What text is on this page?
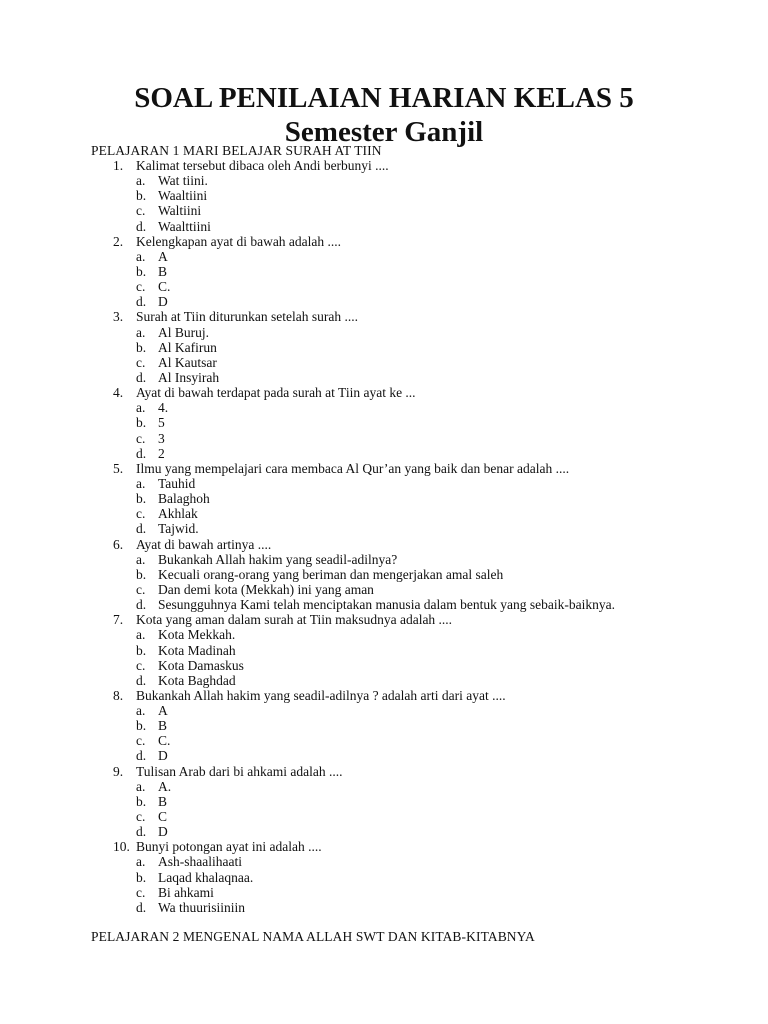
SOAL PENILAIAN HARIAN KELAS 5
Semester Ganjil

PELAJARAN 1 MARI BELAJAR SURAH AT TIIN

1. Kalimat tersebut dibaca oleh Andi berbunyi ....
a. Wat tiini.
b. Waaltiini
c. Waltiini
d. Waalttiini
2. Kelengkapan ayat di bawah adalah ....
a. A
b. B
c. C.
d. D
3. Surah at Tiin diturunkan setelah surah ....
a. Al Buruj.
b. Al Kafirun
c. Al Kautsar
d. Al Insyirah
4. Ayat di bawah terdapat pada surah at Tiin ayat ke ...
a. 4.
b. 5
c. 3
d. 2
5. Ilmu yang mempelajari cara membaca Al Qur’an yang baik dan benar adalah ....
a. Tauhid
b. Balaghoh
c. Akhlak
d. Tajwid.
6. Ayat di bawah artinya ....
a. Bukankah Allah hakim yang seadil-adilnya?
b. Kecuali orang-orang yang beriman dan mengerjakan amal saleh
c. Dan demi kota (Mekkah) ini yang aman
d. Sesungguhnya Kami telah menciptakan manusia dalam bentuk yang sebaik-baiknya.
7. Kota yang aman dalam surah at Tiin maksudnya adalah ....
a. Kota Mekkah.
b. Kota Madinah
c. Kota Damaskus
d. Kota Baghdad
8. Bukankah Allah hakim yang seadil-adilnya ? adalah arti dari ayat ....
a. A
b. B
c. C.
d. D
9. Tulisan Arab dari bi ahkami adalah ....
a. A.
b. B
c. C
d. D
10. Bunyi potongan ayat ini adalah ....
a. Ash-shaalihaati
b. Laqad khalaqnaa.
c. Bi ahkami
d. Wa thuurisiiniin

PELAJARAN 2 MENGENAL NAMA ALLAH SWT DAN KITAB-KITABNYA
